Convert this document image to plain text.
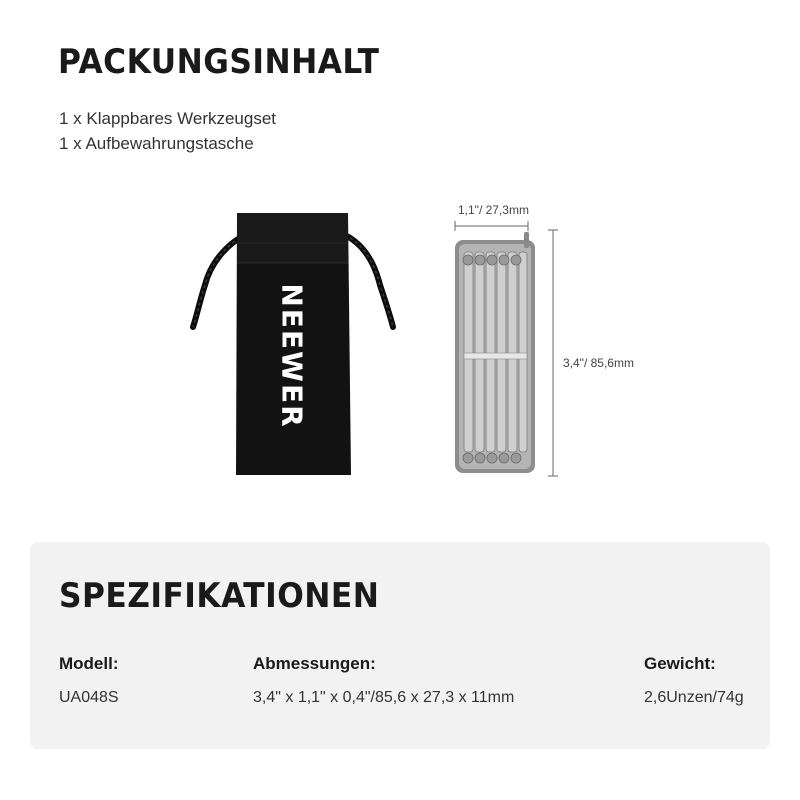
PACKUNGSINHALT
1 x Klappbares Werkzeugset
1 x Aufbewahrungstasche
NEEWER
1,1"/ 27,3mm
3,4"/ 85,6mm
SPEZIFIKATIONEN
Modell:
UA048S
Abmessungen:
3,4" x 1,1" x 0,4"/85,6 x 27,3 x 11mm
Gewicht:
2,6Unzen/74g
